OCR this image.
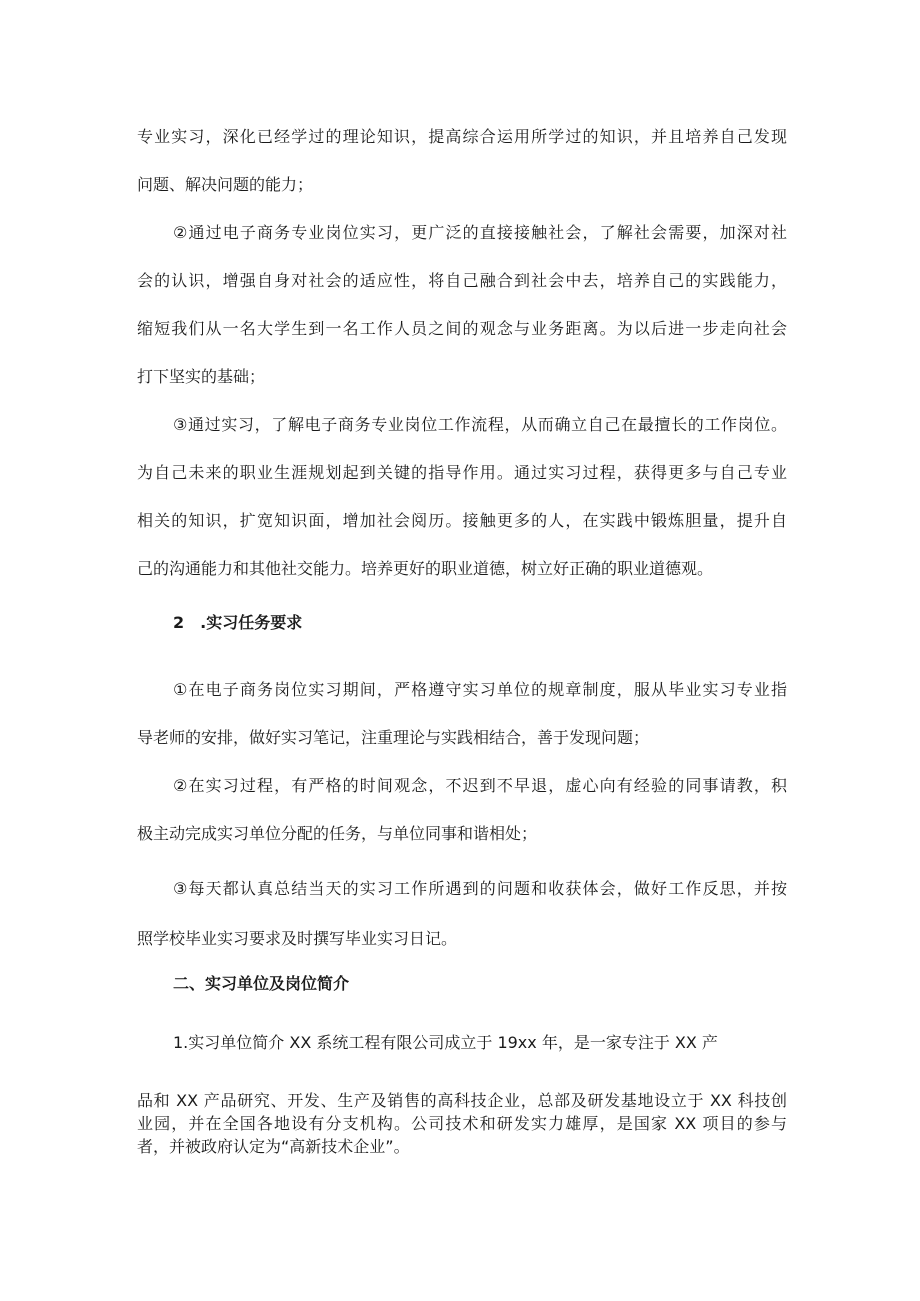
专业实习，深化已经学过的理论知识，提高综合运用所学过的知识，并且培养自己发现

问题、解决问题的能力；

②通过电子商务专业岗位实习，更广泛的直接接触社会，了解社会需要，加深对社

会的认识，增强自身对社会的适应性，将自己融合到社会中去，培养自己的实践能力，

缩短我们从一名大学生到一名工作人员之间的观念与业务距离。为以后进一步走向社会

打下坚实的基础；

③通过实习，了解电子商务专业岗位工作流程，从而确立自己在最擅长的工作岗位。

为自己未来的职业生涯规划起到关键的指导作用。通过实习过程，获得更多与自己专业

相关的知识，扩宽知识面，增加社会阅历。接触更多的人，在实践中锻炼胆量，提升自

己的沟通能力和其他社交能力。培养更好的职业道德，树立好正确的职业道德观。

2　.实习任务要求

①在电子商务岗位实习期间，严格遵守实习单位的规章制度，服从毕业实习专业指

导老师的安排，做好实习笔记，注重理论与实践相结合，善于发现问题；

②在实习过程，有严格的时间观念，不迟到不早退，虚心向有经验的同事请教，积

极主动完成实习单位分配的任务，与单位同事和谐相处；

③每天都认真总结当天的实习工作所遇到的问题和收获体会，做好工作反思，并按

照学校毕业实习要求及时撰写毕业实习日记。

二、实习单位及岗位简介

1.实习单位简介 XX 系统工程有限公司成立于 19xx 年，是一家专注于 XX 产

品和 XX 产品研究、开发、生产及销售的高科技企业，总部及研发基地设立于 XX 科技创

业园，并在全国各地设有分支机构。公司技术和研发实力雄厚，是国家 XX 项目的参与

者，并被政府认定为“高新技术企业”。
